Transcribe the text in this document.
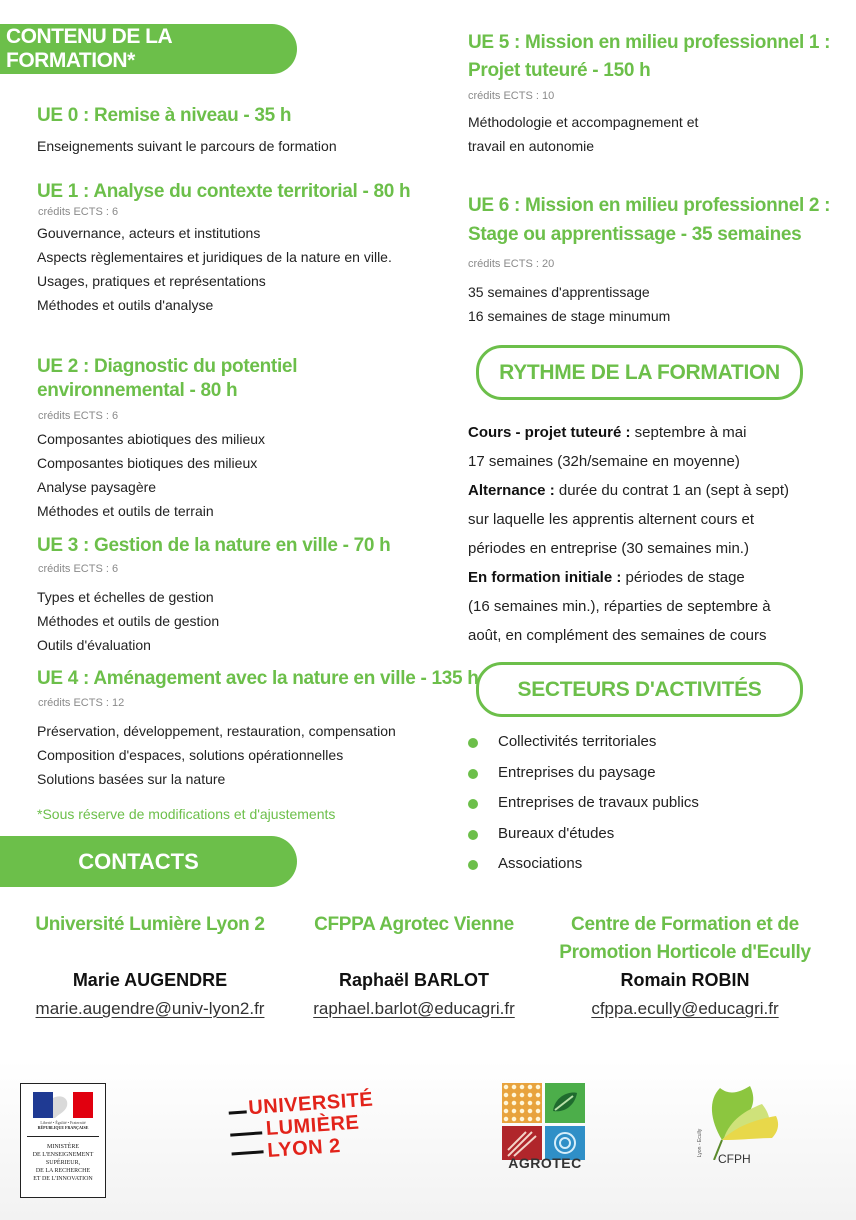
CONTENU DE LA FORMATION*
UE 0 : Remise à niveau - 35 h
Enseignements suivant le parcours de formation
UE 1 : Analyse du contexte territorial - 80 h
crédits ECTS : 6
Gouvernance, acteurs et institutions
Aspects règlementaires et juridiques de la nature en ville.
Usages, pratiques et représentations
Méthodes et outils d'analyse
UE 2 : Diagnostic du potentiel
environnemental - 80 h
crédits ECTS : 6
Composantes abiotiques des milieux
Composantes biotiques des milieux
Analyse paysagère
Méthodes et outils de terrain
UE 3 : Gestion de la nature en ville - 70 h
crédits ECTS : 6
Types et échelles de gestion
Méthodes et outils de gestion
Outils d'évaluation
UE 4 : Aménagement avec la nature en ville - 135 h
crédits ECTS : 12
Préservation, développement, restauration, compensation
Composition d'espaces, solutions opérationnelles
Solutions basées sur la nature
*Sous réserve de modifications et d'ajustements
UE 5 : Mission en milieu professionnel 1 :
Projet tuteuré - 150 h
crédits ECTS : 10
Méthodologie et accompagnement et
travail en autonomie
UE 6 : Mission en milieu professionnel 2 :
Stage ou apprentissage - 35 semaines
crédits ECTS : 20
35 semaines d'apprentissage
16 semaines de stage minumum
RYTHME DE LA FORMATION
Cours - projet tuteuré : septembre à mai
17 semaines (32h/semaine en moyenne)
Alternance : durée du contrat 1 an (sept à sept)
sur laquelle les apprentis alternent cours et
périodes en entreprise (30 semaines min.)
En formation initiale : périodes de stage
(16 semaines min.), réparties de septembre à
août, en complément des semaines de cours
SECTEURS D'ACTIVITÉS
Collectivités territoriales
Entreprises du paysage
Entreprises de travaux publics
Bureaux d'études
Associations
CONTACTS
Université Lumière Lyon 2	CFPPA Agrotec Vienne	Centre de Formation et de
Promotion Horticole d'Ecully
Marie AUGENDRE	Raphaël BARLOT	Romain ROBIN
marie.augendre@univ-lyon2.fr	raphael.barlot@educagri.fr	cfppa.ecully@educagri.fr
Liberté • Égalité • Fraternité
RÉPUBLIQUE FRANÇAISE
MINISTÈRE
DE L'ENSEIGNEMENT
SUPÉRIEUR,
DE LA RECHERCHE
ET DE L'INNOVATION
UNIVERSITÉ
LUMIÈRE
LYON 2
AGROTEC
Lyon - Ecully
CFPH
